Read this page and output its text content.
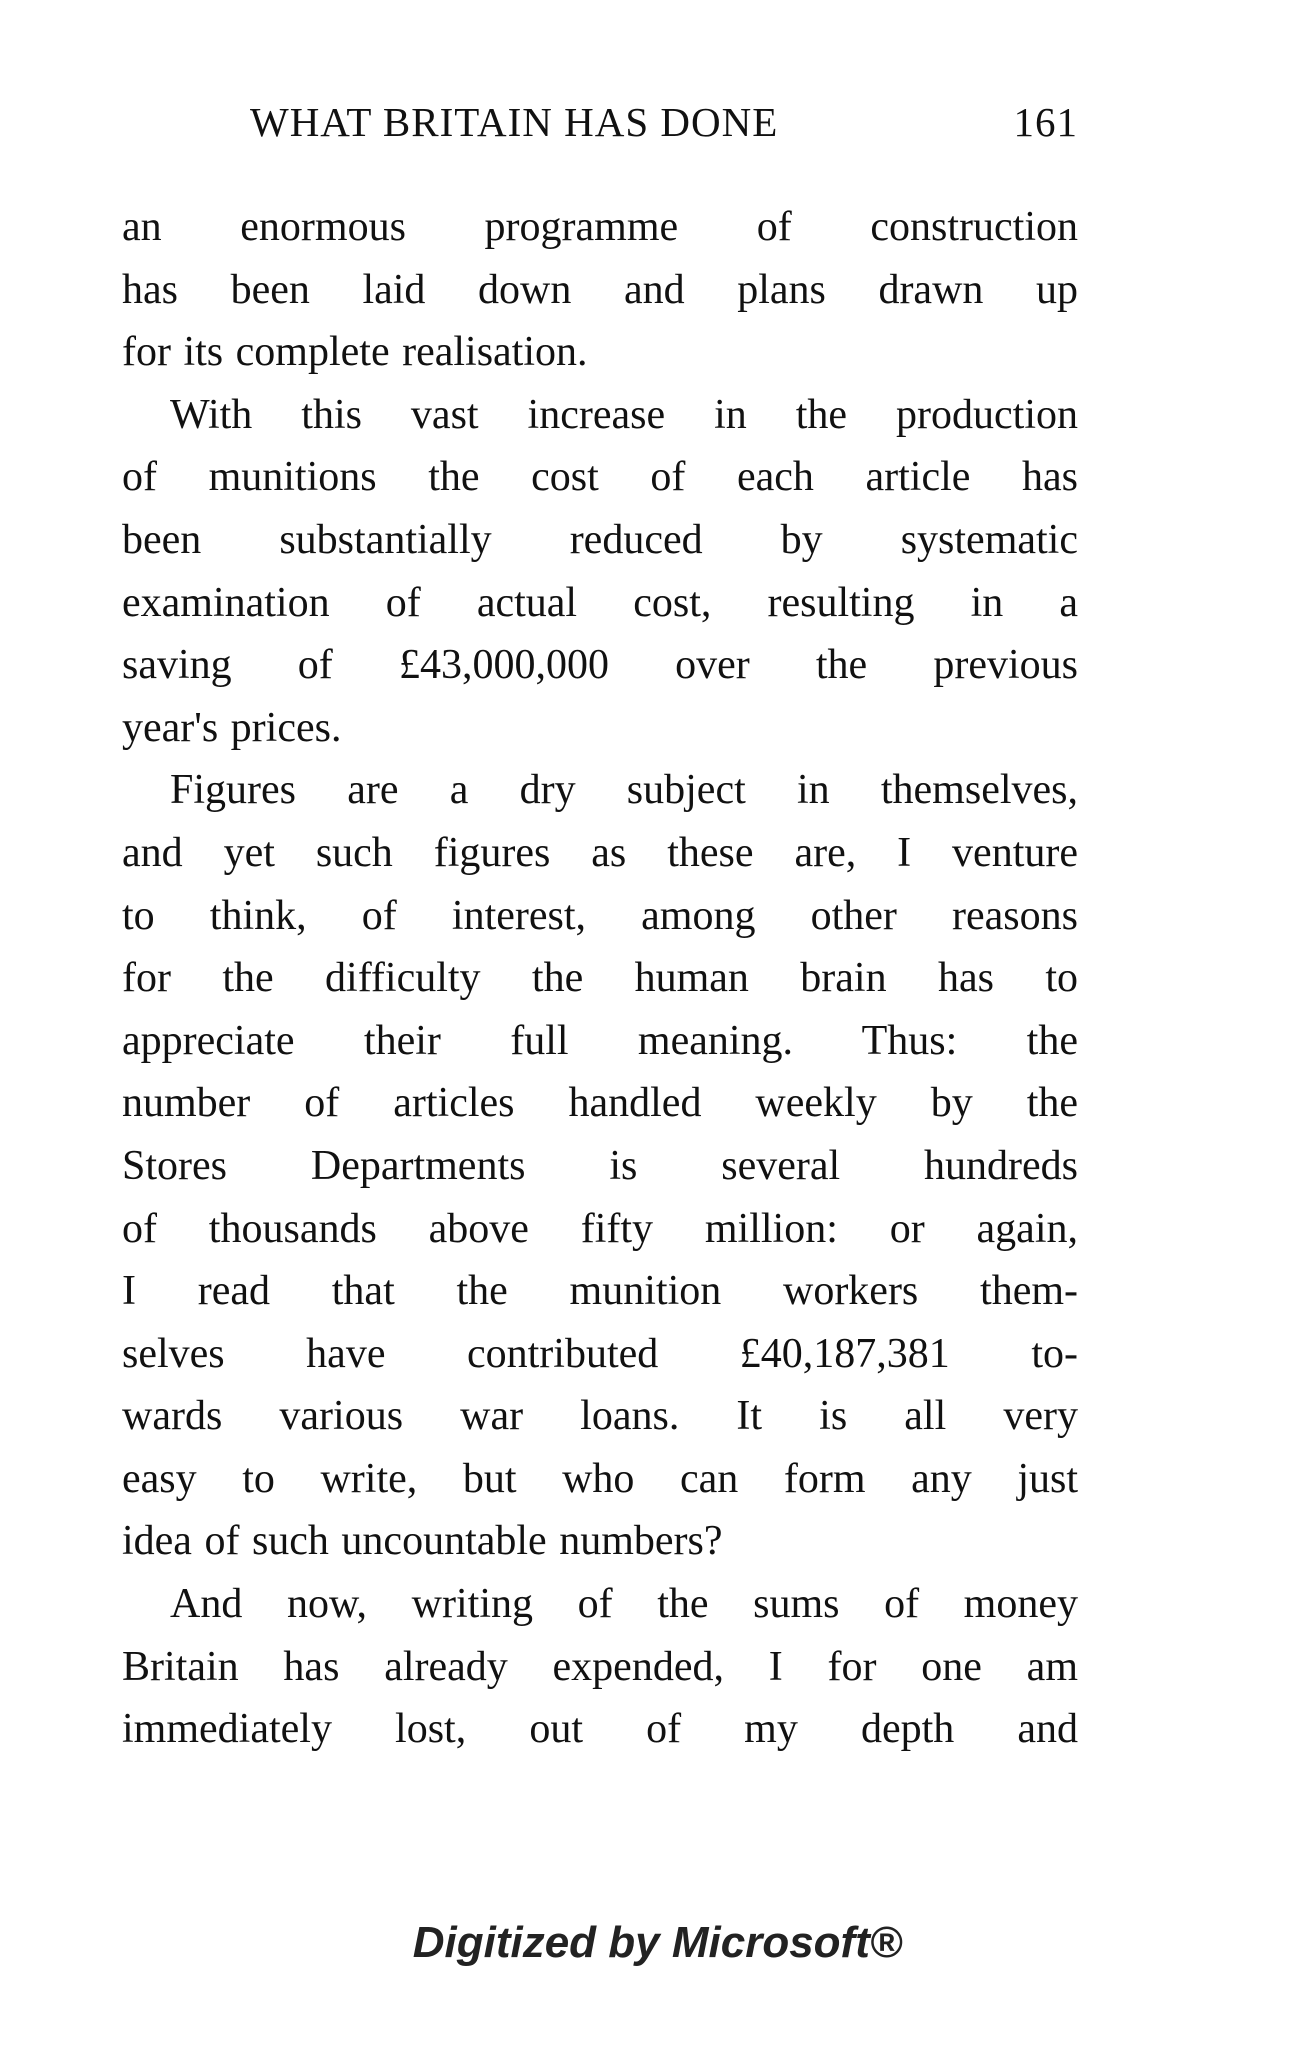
WHAT BRITAIN HAS DONE	161
an enormous programme of construction
has been laid down and plans drawn up
for its complete realisation.
With this vast increase in the production
of munitions the cost of each article has
been substantially reduced by systematic
examination of actual cost, resulting in a
saving of £43,000,000 over the previous
year's prices.
Figures are a dry subject in themselves,
and yet such figures as these are, I venture
to think, of interest, among other reasons
for the difficulty the human brain has to
appreciate their full meaning. Thus: the
number of articles handled weekly by the
Stores Departments is several hundreds
of thousands above fifty million: or again,
I read that the munition workers them-
selves have contributed £40,187,381 to-
wards various war loans. It is all very
easy to write, but who can form any just
idea of such uncountable numbers?
And now, writing of the sums of money
Britain has already expended, I for one am
immediately lost, out of my depth and
Digitized by Microsoft®
